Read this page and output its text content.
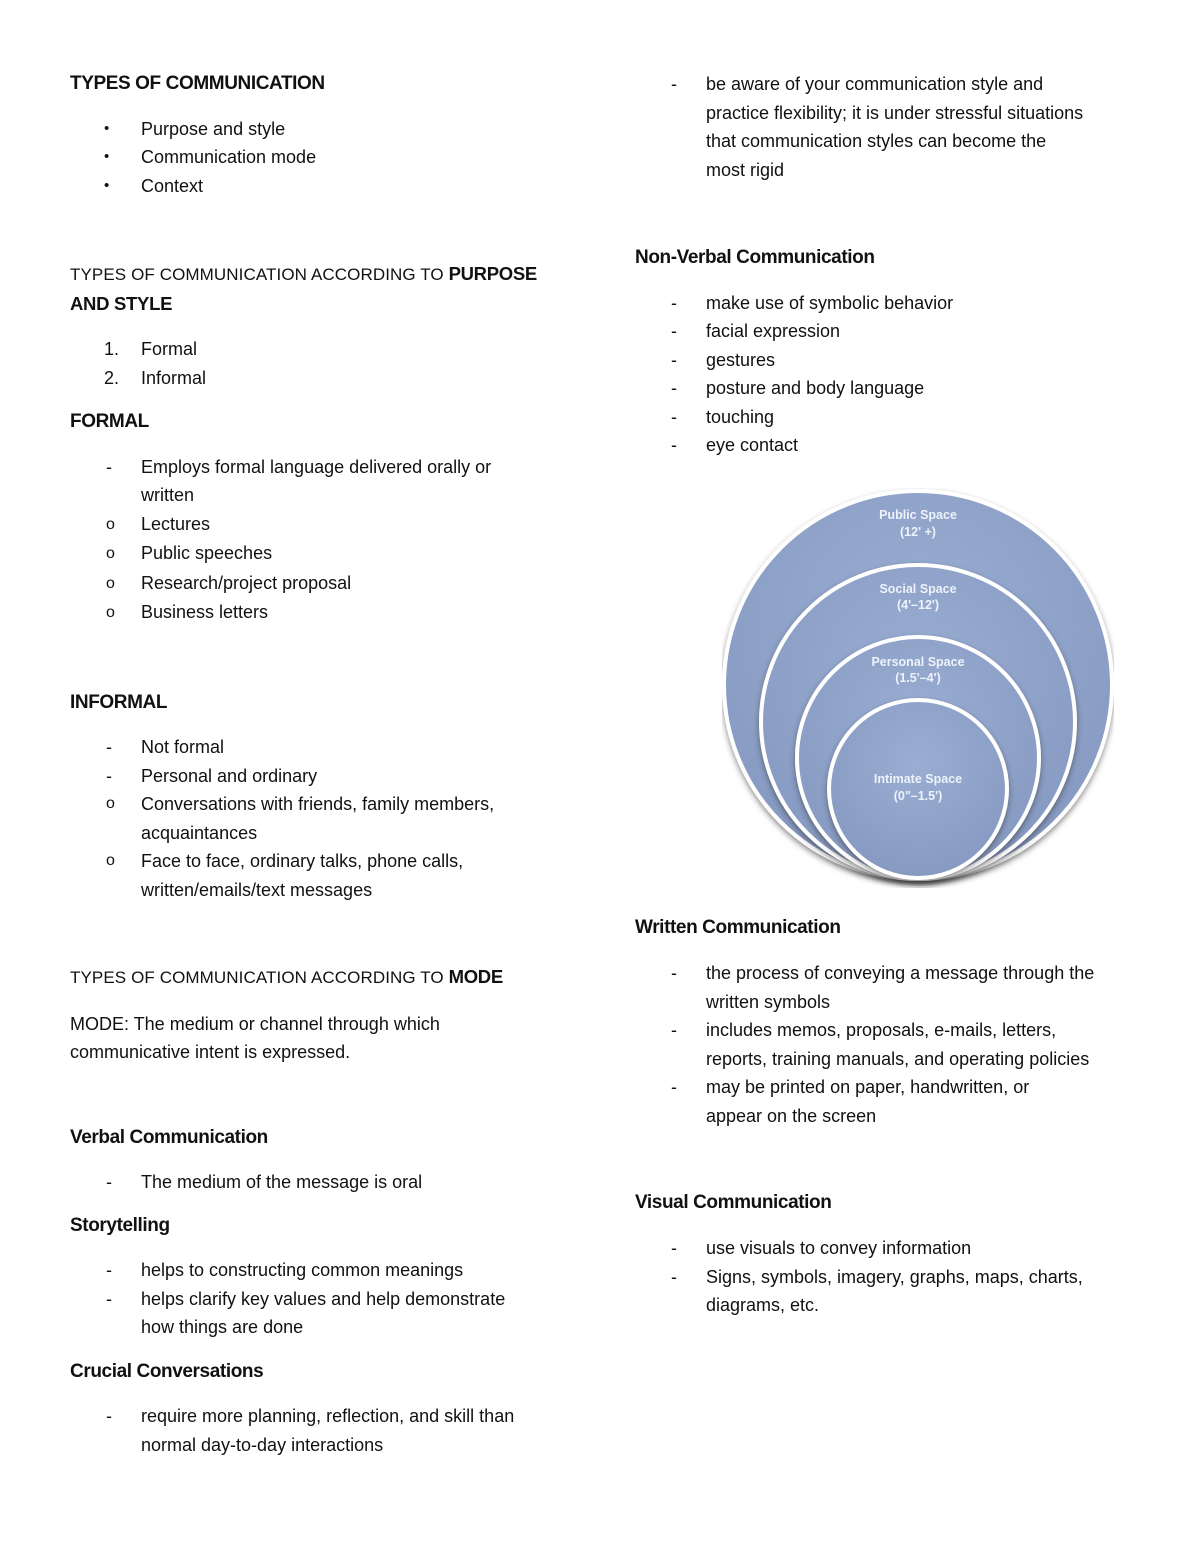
TYPES OF COMMUNICATION

•	Purpose and style
•	Communication mode
•	Context

TYPES OF COMMUNICATION ACCORDING TO PURPOSE
AND STYLE

1. Formal
2. Informal

FORMAL

-	Employs formal language delivered orally or
written
o	Lectures
o	Public speeches
o	Research/project proposal
o	Business letters

INFORMAL

-	Not formal
-	Personal and ordinary
o	Conversations with friends, family members,
acquaintances
o	Face to face, ordinary talks, phone calls,
written/emails/text messages

TYPES OF COMMUNICATION ACCORDING TO MODE

MODE: The medium or channel through which
communicative intent is expressed.

Verbal Communication

-	The medium of the message is oral

Storytelling

-	helps to constructing common meanings
-	helps clarify key values and help demonstrate
how things are done

Crucial Conversations

-	require more planning, reflection, and skill than
normal day-to-day interactions
-	be aware of your communication style and
practice flexibility; it is under stressful situations
that communication styles can become the
most rigid

Non-Verbal Communication

-	make use of symbolic behavior
-	facial expression
-	gestures
-	posture and body language
-	touching
-	eye contact

Written Communication

-	the process of conveying a message through the
written symbols
-	includes memos, proposals, e-mails, letters,
reports, training manuals, and operating policies
-	may be printed on paper, handwritten, or
appear on the screen

Visual Communication

-	use visuals to convey information
-	Signs, symbols, imagery, graphs, maps, charts,
diagrams, etc.
Public Space
(12' +)
Social Space
(4'–12')
Personal Space
(1.5'–4')
Intimate Space
(0"–1.5')
